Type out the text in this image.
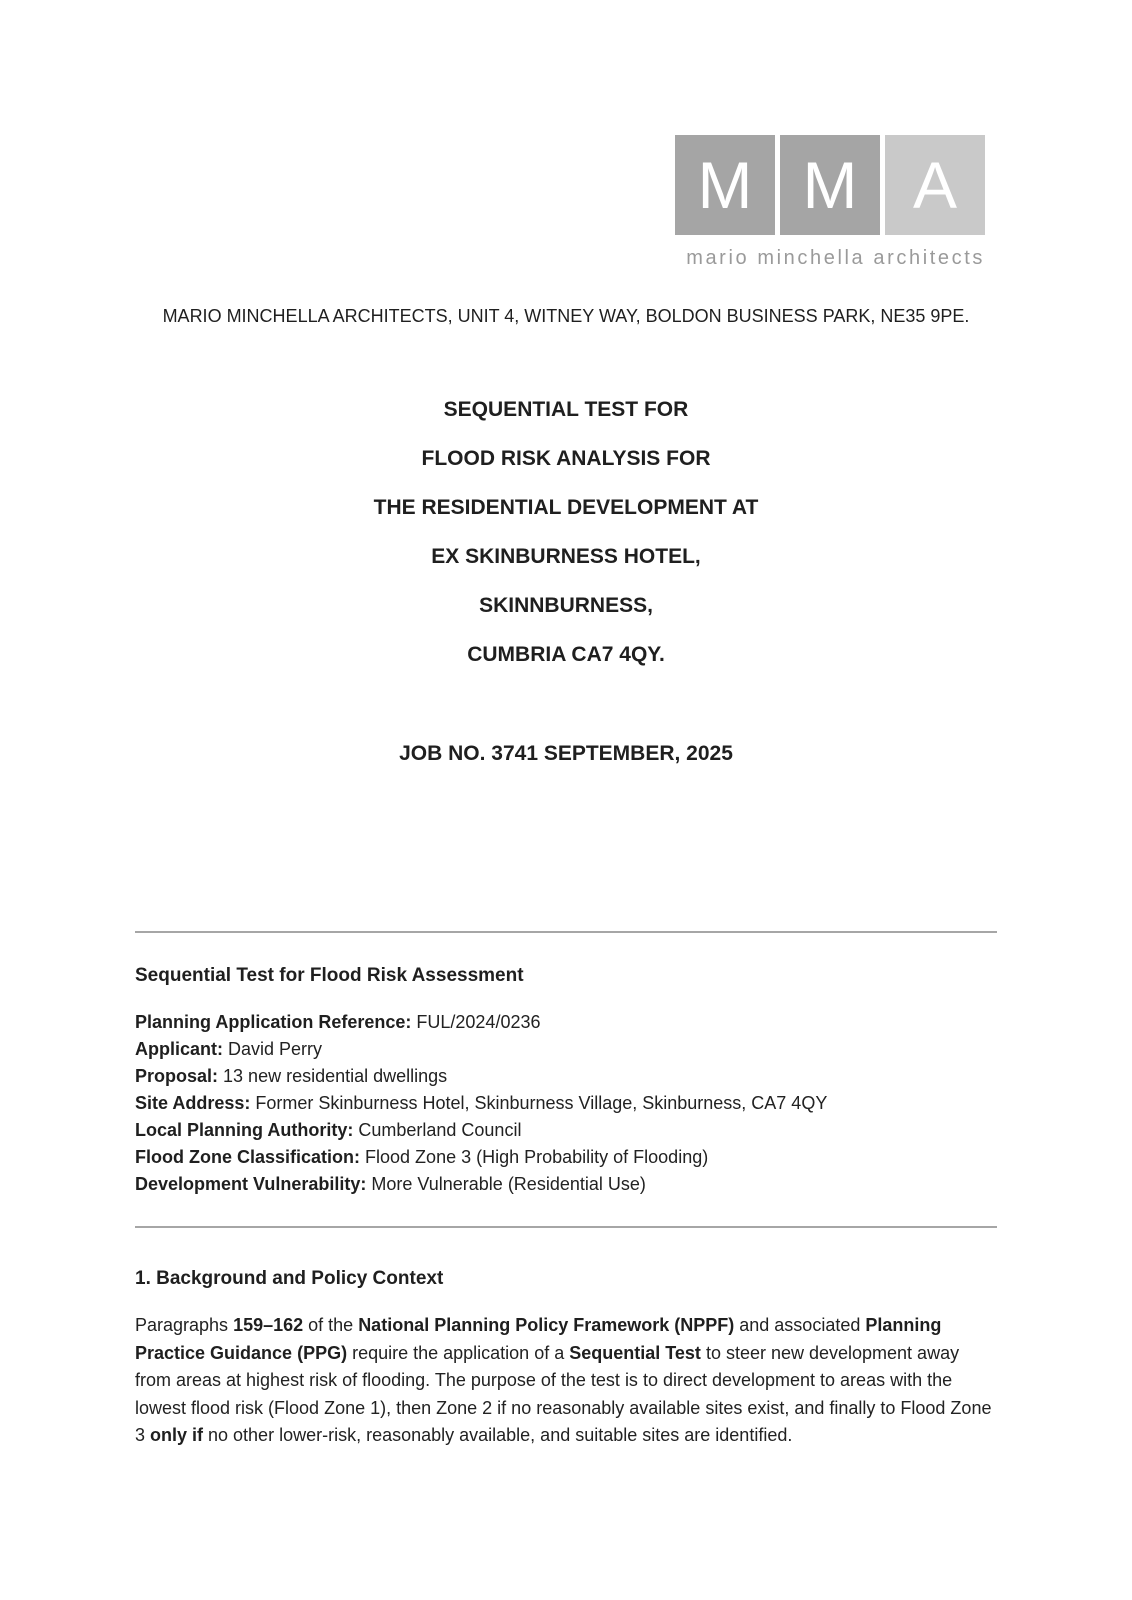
M M A
mario minchella architects
MARIO MINCHELLA ARCHITECTS, UNIT 4, WITNEY WAY, BOLDON BUSINESS PARK, NE35 9PE.
SEQUENTIAL TEST FOR
FLOOD RISK ANALYSIS FOR
THE RESIDENTIAL DEVELOPMENT AT
EX SKINBURNESS HOTEL,
SKINNBURNESS,
CUMBRIA CA7 4QY.
JOB NO. 3741 SEPTEMBER, 2025
Sequential Test for Flood Risk Assessment
Planning Application Reference: FUL/2024/0236
Applicant: David Perry
Proposal: 13 new residential dwellings
Site Address: Former Skinburness Hotel, Skinburness Village, Skinburness, CA7 4QY
Local Planning Authority: Cumberland Council
Flood Zone Classification: Flood Zone 3 (High Probability of Flooding)
Development Vulnerability: More Vulnerable (Residential Use)
1. Background and Policy Context

Paragraphs 159–162 of the National Planning Policy Framework (NPPF) and associated Planning Practice Guidance (PPG) require the application of a Sequential Test to steer new development away from areas at highest risk of flooding. The purpose of the test is to direct development to areas with the lowest flood risk (Flood Zone 1), then Zone 2 if no reasonably available sites exist, and finally to Flood Zone 3 only if no other lower-risk, reasonably available, and suitable sites are identified.
